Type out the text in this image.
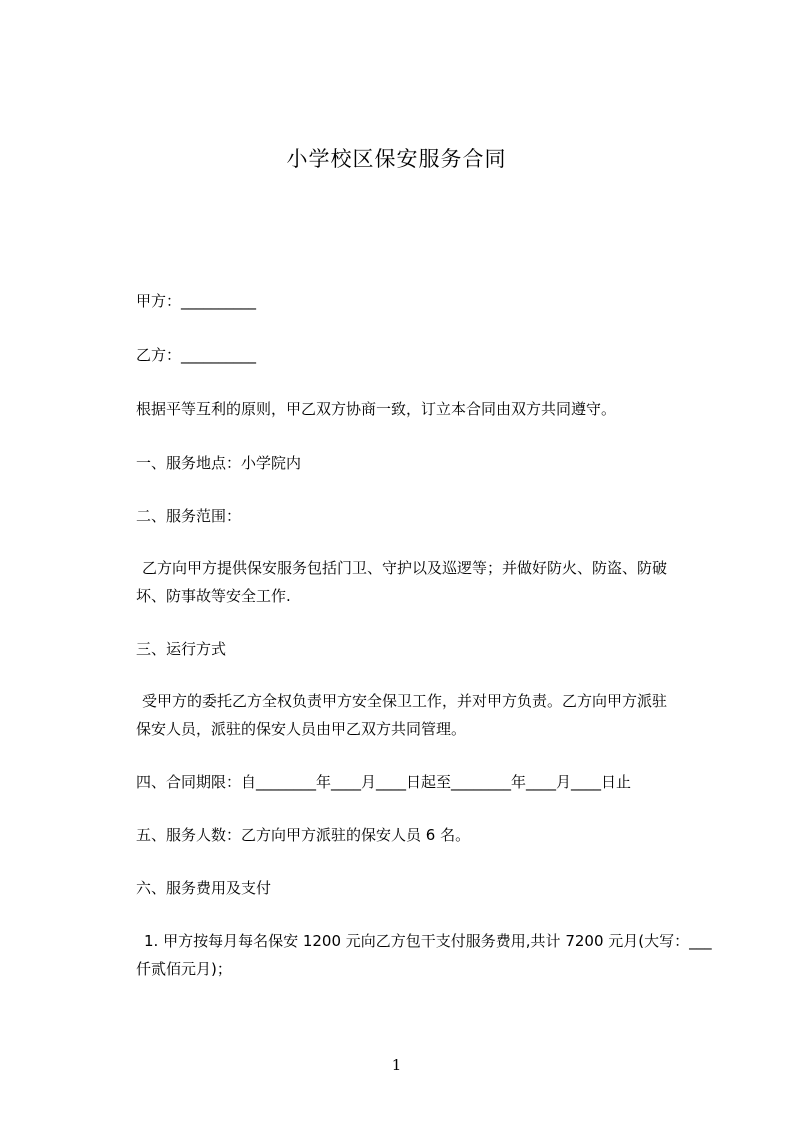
小学校区保安服务合同

甲方：__________

乙方：__________

根据平等互利的原则，甲乙双方协商一致，订立本合同由双方共同遵守。

一、服务地点：小学院内

二、服务范围：

乙方向甲方提供保安服务包括门卫、守护以及巡逻等；并做好防火、防盗、防破坏、防事故等安全工作.

三、运行方式

受甲方的委托乙方全权负责甲方安全保卫工作，并对甲方负责。乙方向甲方派驻保安人员，派驻的保安人员由甲乙双方共同管理。

四、合同期限：自________年____月____日起至________年____月____日止

五、服务人数：乙方向甲方派驻的保安人员 6 名。

六、服务费用及支付

1. 甲方按每月每名保安 1200 元向乙方包干支付服务费用,共计 7200 元月(大写：___仟贰佰元月)；

1
